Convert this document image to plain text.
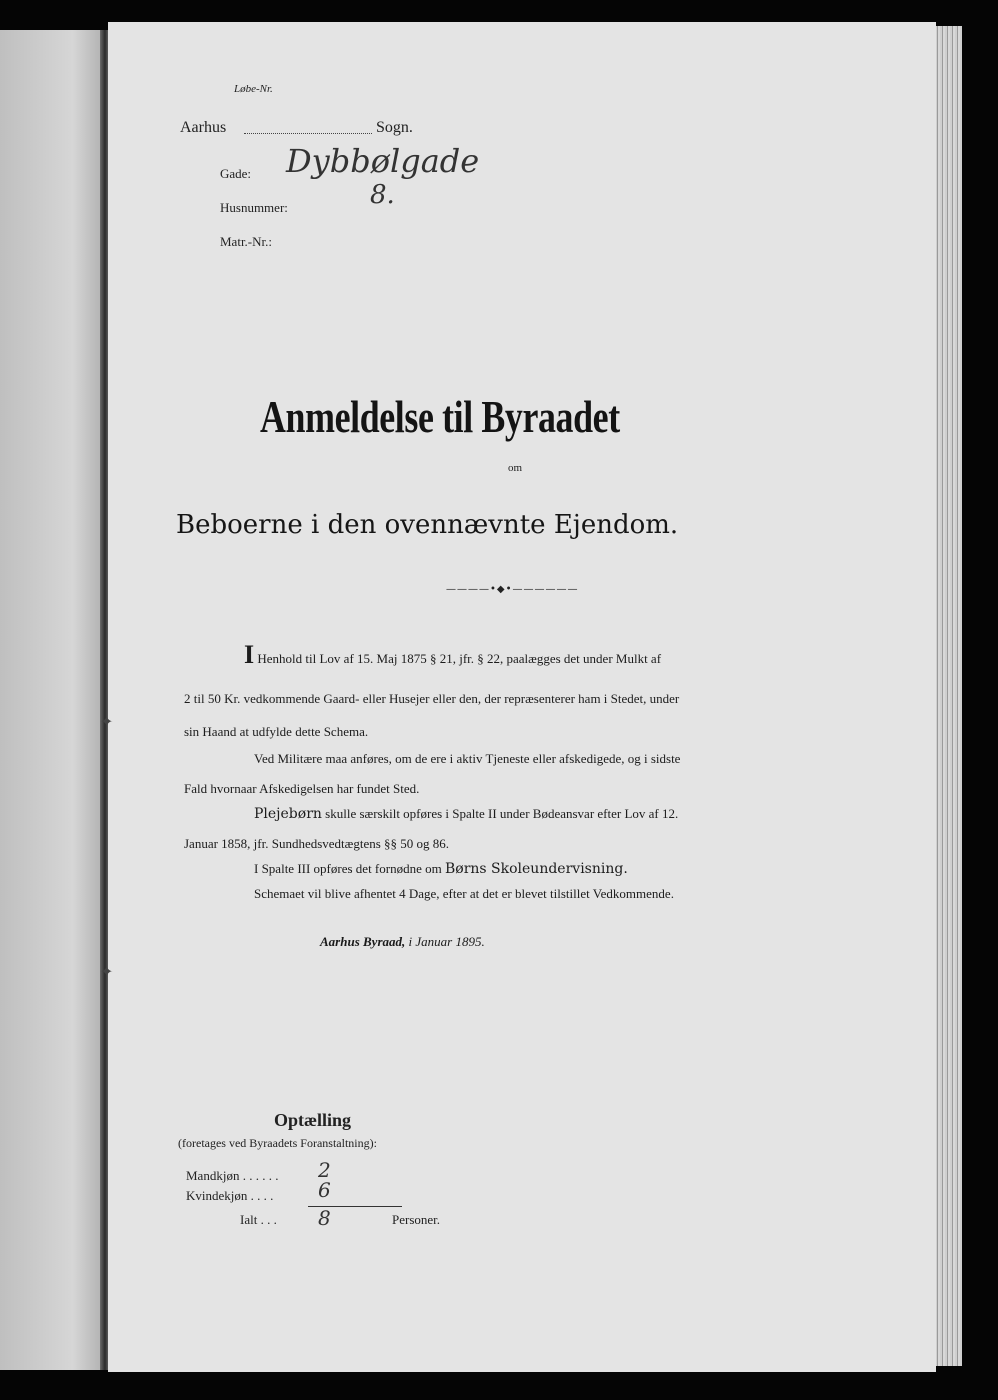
Løbe-Nr.
Aarhus	Sogn.
Gade: Dybbølgade
Husnummer:	8.
Matr.-Nr.:
Anmeldelse til Byraadet
om
Beboerne i den ovennævnte Ejendom.
————•◆•——————
I Henhold til Lov af 15. Maj 1875 § 21, jfr. § 22, paalægges det under Mulkt af
2 til 50 Kr. vedkommende Gaard- eller Husejer eller den, der repræsenterer ham i Stedet, under
sin Haand at udfylde dette Schema.
Ved Militære maa anføres, om de ere i aktiv Tjeneste eller afskedigede, og i sidste
Fald hvornaar Afskedigelsen har fundet Sted.
Plejebørn skulle særskilt opføres i Spalte II under Bødeansvar efter Lov af 12.
Januar 1858, jfr. Sundhedsvedtægtens §§ 50 og 86.
I Spalte III opføres det fornødne om Børns Skoleundervisning.
Schemaet vil blive afhentet 4 Dage, efter at det er blevet tilstillet Vedkommende.
Aarhus Byraad, i Januar 1895.
Optælling
(foretages ved Byraadets Foranstaltning):
Mandkjøn . . . . . . 2
Kvindekjøn . . . . 6
Ialt . . . 8	Personer.
✦
✦
